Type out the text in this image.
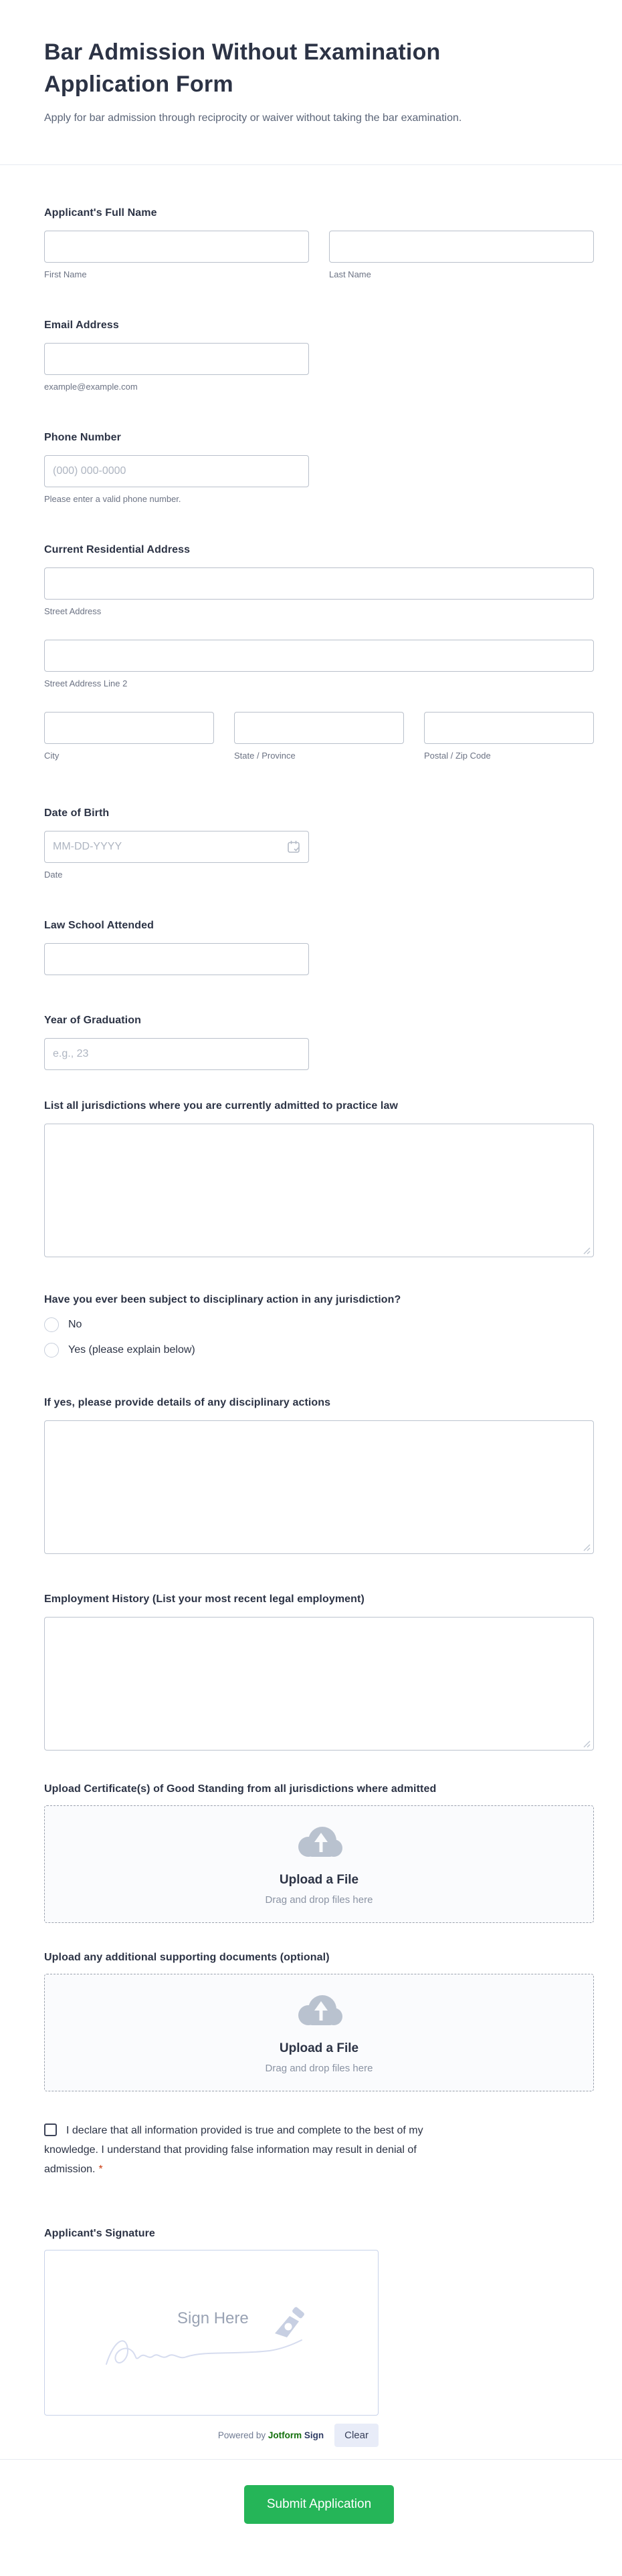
Bar Admission Without Examination Application Form

Apply for bar admission through reciprocity or waiver without taking the bar examination.

Applicant's Full Name
First Name	Last Name
Email Address
example@example.com
Phone Number
(000) 000-0000
Please enter a valid phone number.
Current Residential Address
Street Address
Street Address Line 2
City	State / Province	Postal / Zip Code
Date of Birth
MM-DD-YYYY
Date
Law School Attended
Year of Graduation
e.g., 23
List all jurisdictions where you are currently admitted to practice law
Have you ever been subject to disciplinary action in any jurisdiction?
No
Yes (please explain below)
If yes, please provide details of any disciplinary actions
Employment History (List your most recent legal employment)
Upload Certificate(s) of Good Standing from all jurisdictions where admitted
Upload a File
Drag and drop files here
Upload any additional supporting documents (optional)
Upload a File
Drag and drop files here
I declare that all information provided is true and complete to the best of my knowledge. I understand that providing false information may result in denial of admission. *
Applicant's Signature
Sign Here
Powered by Jotform Sign	Clear
Submit Application
